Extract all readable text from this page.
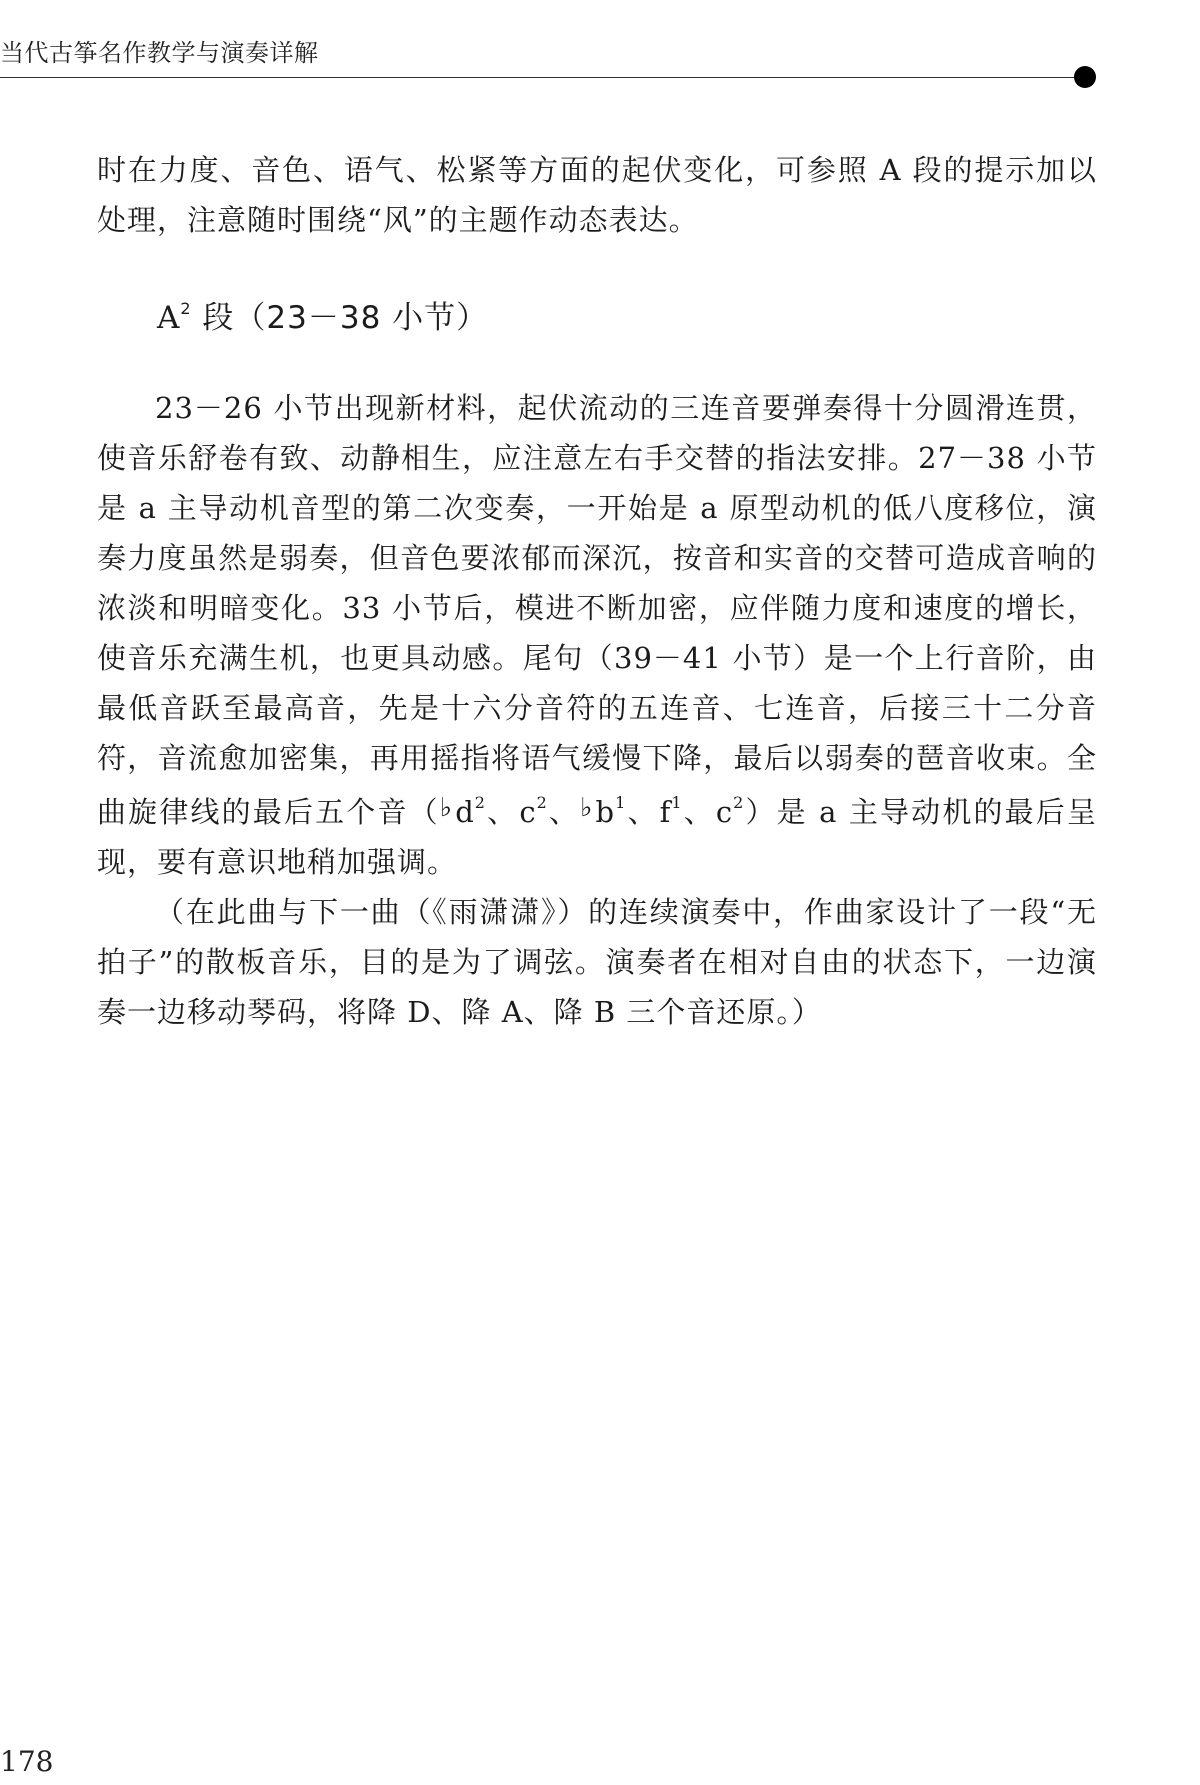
当代古筝名作教学与演奏详解

时在力度、音色、语气、松紧等方面的起伏变化，可参照 A 段的提示加以处理，注意随时围绕“风”的主题作动态表达。

$A^2$ 段（23－38 小节）

23－26 小节出现新材料，起伏流动的三连音要弹奏得十分圆滑连贯，使音乐舒卷有致、动静相生，应注意左右手交替的指法安排。27－38 小节是 a 主导动机音型的第二次变奏，一开始是 a 原型动机的低八度移位，演奏力度虽然是弱奏，但音色要浓郁而深沉，按音和实音的交替可造成音响的浓淡和明暗变化。33 小节后，模进不断加密，应伴随力度和速度的增长，使音乐充满生机，也更具动感。尾句（39－41 小节）是一个上行音阶，由最低音跃至最高音，先是十六分音符的五连音、七连音，后接三十二分音符，音流愈加密集，再用摇指将语气缓慢下降，最后以弱奏的琶音收束。全曲旋律线的最后五个音（$♭d^2$、$c^2$、$♭b^1$、$f^1$、$c^2$）是 a 主导动机的最后呈现，要有意识地稍加强调。

（在此曲与下一曲（《雨潇潇》）的连续演奏中，作曲家设计了一段“无拍子”的散板音乐，目的是为了调弦。演奏者在相对自由的状态下，一边演奏一边移动琴码，将降 D、降 A、降 B 三个音还原。）

178
